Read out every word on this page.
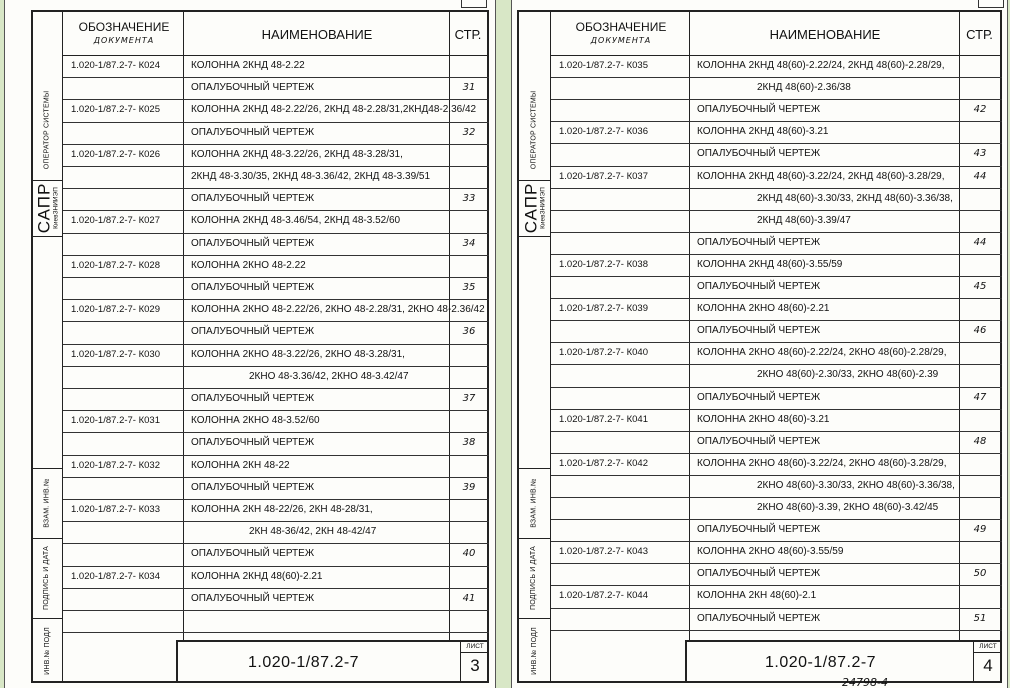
ОПЕРАТОР СИСТЕМЫ
САПР КиевЗНИИЭП
ВЗАМ. ИНВ.№
ПОДПИСЬ И ДАТА
ИНВ.№ ПОДЛ
ОБОЗНАЧЕНИЕ
ДОКУМЕНТА	НАИМЕНОВАНИЕ	СТР.
1.020-1/87.2-7- К024	КОЛОННА 2КНД 48-2.22
ОПАЛУБОЧНЫЙ ЧЕРТЕЖ	31
1.020-1/87.2-7- К025	КОЛОННА 2КНД 48-2.22/26, 2КНД 48-2.28/31,2КНД48-2.36/42
ОПАЛУБОЧНЫЙ ЧЕРТЕЖ	32
1.020-1/87.2-7- К026	КОЛОННА 2КНД 48-3.22/26, 2КНД 48-3.28/31,
2КНД 48-3.30/35, 2КНД 48-3.36/42, 2КНД 48-3.39/51
ОПАЛУБОЧНЫЙ ЧЕРТЕЖ	33
1.020-1/87.2-7- К027	КОЛОННА 2КНД 48-3.46/54, 2КНД 48-3.52/60
ОПАЛУБОЧНЫЙ ЧЕРТЕЖ	34
1.020-1/87.2-7- К028	КОЛОННА 2КНО 48-2.22
ОПАЛУБОЧНЫЙ ЧЕРТЕЖ	35
1.020-1/87.2-7- К029	КОЛОННА 2КНО 48-2.22/26, 2КНО 48-2.28/31, 2КНО 48-2.36/42
ОПАЛУБОЧНЫЙ ЧЕРТЕЖ	36
1.020-1/87.2-7- К030	КОЛОННА 2КНО 48-3.22/26, 2КНО 48-3.28/31,
2КНО 48-3.36/42, 2КНО 48-3.42/47
ОПАЛУБОЧНЫЙ ЧЕРТЕЖ	37
1.020-1/87.2-7- К031	КОЛОННА 2КНО 48-3.52/60
ОПАЛУБОЧНЫЙ ЧЕРТЕЖ	38
1.020-1/87.2-7- К032	КОЛОННА 2КН 48-22
ОПАЛУБОЧНЫЙ ЧЕРТЕЖ	39
1.020-1/87.2-7- К033	КОЛОННА 2КН 48-22/26, 2КН 48-28/31,
2КН 48-36/42, 2КН 48-42/47
ОПАЛУБОЧНЫЙ ЧЕРТЕЖ	40
1.020-1/87.2-7- К034	КОЛОННА 2КНД 48(60)-2.21
ОПАЛУБОЧНЫЙ ЧЕРТЕЖ	41
1.020-1/87.2-7
ЛИСТ
3
ОПЕРАТОР СИСТЕМЫ
САПР КиевЗНИИЭП
ВЗАМ. ИНВ.№
ПОДПИСЬ И ДАТА
ИНВ.№ ПОДЛ
ОБОЗНАЧЕНИЕ
ДОКУМЕНТА	НАИМЕНОВАНИЕ	СТР.
1.020-1/87.2-7- К035	КОЛОННА 2КНД 48(60)-2.22/24, 2КНД 48(60)-2.28/29,
2КНД 48(60)-2.36/38
ОПАЛУБОЧНЫЙ ЧЕРТЕЖ	42
1.020-1/87.2-7- К036	КОЛОННА 2КНД 48(60)-3.21
ОПАЛУБОЧНЫЙ ЧЕРТЕЖ	43
1.020-1/87.2-7- К037	КОЛОННА 2КНД 48(60)-3.22/24, 2КНД 48(60)-3.28/29,	44
2КНД 48(60)-3.30/33, 2КНД 48(60)-3.36/38,
2КНД 48(60)-3.39/47
ОПАЛУБОЧНЫЙ ЧЕРТЕЖ	44
1.020-1/87.2-7- К038	КОЛОННА 2КНД 48(60)-3.55/59
ОПАЛУБОЧНЫЙ ЧЕРТЕЖ	45
1.020-1/87.2-7- К039	КОЛОННА 2КНО 48(60)-2.21
ОПАЛУБОЧНЫЙ ЧЕРТЕЖ	46
1.020-1/87.2-7- К040	КОЛОННА 2КНО 48(60)-2.22/24, 2КНО 48(60)-2.28/29,
2КНО 48(60)-2.30/33, 2КНО 48(60)-2.39
ОПАЛУБОЧНЫЙ ЧЕРТЕЖ	47
1.020-1/87.2-7- К041	КОЛОННА 2КНО 48(60)-3.21
ОПАЛУБОЧНЫЙ ЧЕРТЕЖ	48
1.020-1/87.2-7- К042	КОЛОННА 2КНО 48(60)-3.22/24, 2КНО 48(60)-3.28/29,
2КНО 48(60)-3.30/33, 2КНО 48(60)-3.36/38,
2КНО 48(60)-3.39, 2КНО 48(60)-3.42/45
ОПАЛУБОЧНЫЙ ЧЕРТЕЖ	49
1.020-1/87.2-7- К043	КОЛОННА 2КНО 48(60)-3.55/59
ОПАЛУБОЧНЫЙ ЧЕРТЕЖ	50
1.020-1/87.2-7- К044	КОЛОННА 2КН 48(60)-2.1
ОПАЛУБОЧНЫЙ ЧЕРТЕЖ	51
1.020-1/87.2-7
ЛИСТ
4
24798-4
